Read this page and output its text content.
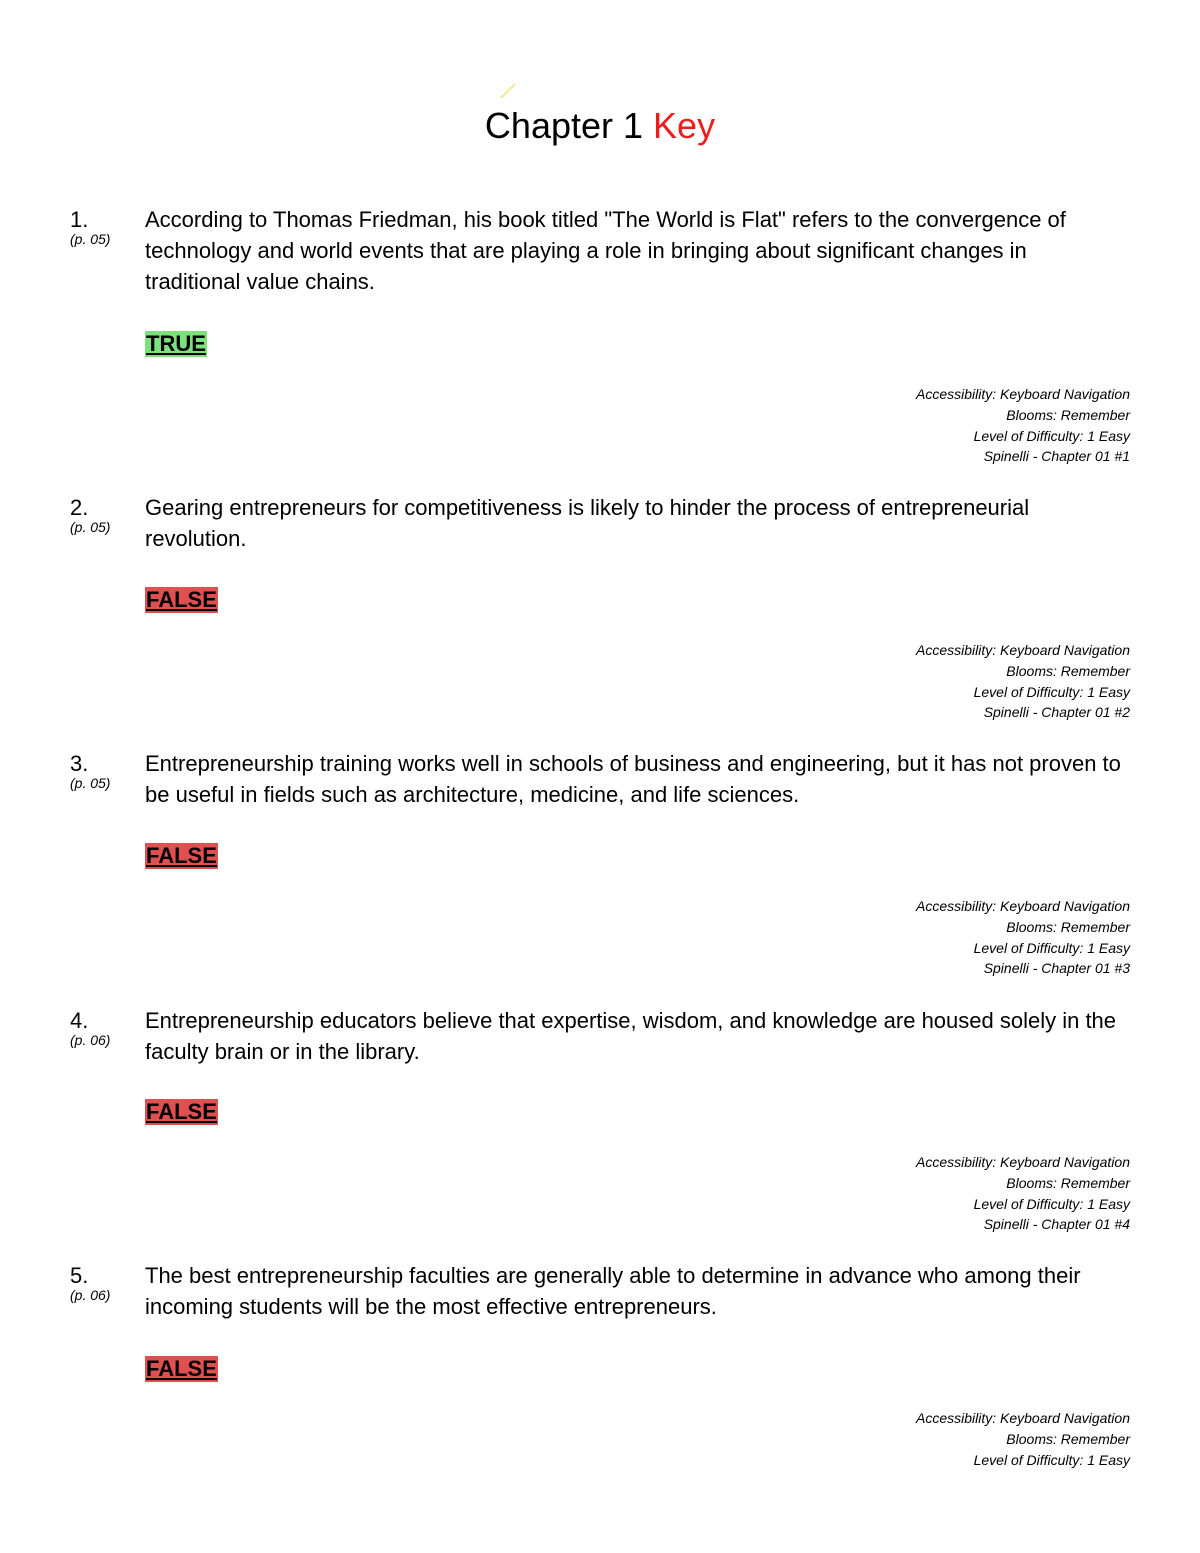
Chapter 1 Key
1.
(p. 05)
According to Thomas Friedman, his book titled "The World is Flat" refers to the convergence of technology and world events that are playing a role in bringing about significant changes in traditional value chains.
TRUE
Accessibility: Keyboard Navigation
Blooms: Remember
Level of Difficulty: 1 Easy
Spinelli - Chapter 01 #1
2.
(p. 05)
Gearing entrepreneurs for competitiveness is likely to hinder the process of entrepreneurial revolution.
FALSE
Accessibility: Keyboard Navigation
Blooms: Remember
Level of Difficulty: 1 Easy
Spinelli - Chapter 01 #2
3.
(p. 05)
Entrepreneurship training works well in schools of business and engineering, but it has not proven to be useful in fields such as architecture, medicine, and life sciences.
FALSE
Accessibility: Keyboard Navigation
Blooms: Remember
Level of Difficulty: 1 Easy
Spinelli - Chapter 01 #3
4.
(p. 06)
Entrepreneurship educators believe that expertise, wisdom, and knowledge are housed solely in the faculty brain or in the library.
FALSE
Accessibility: Keyboard Navigation
Blooms: Remember
Level of Difficulty: 1 Easy
Spinelli - Chapter 01 #4
5.
(p. 06)
The best entrepreneurship faculties are generally able to determine in advance who among their incoming students will be the most effective entrepreneurs.
FALSE
Accessibility: Keyboard Navigation
Blooms: Remember
Level of Difficulty: 1 Easy
